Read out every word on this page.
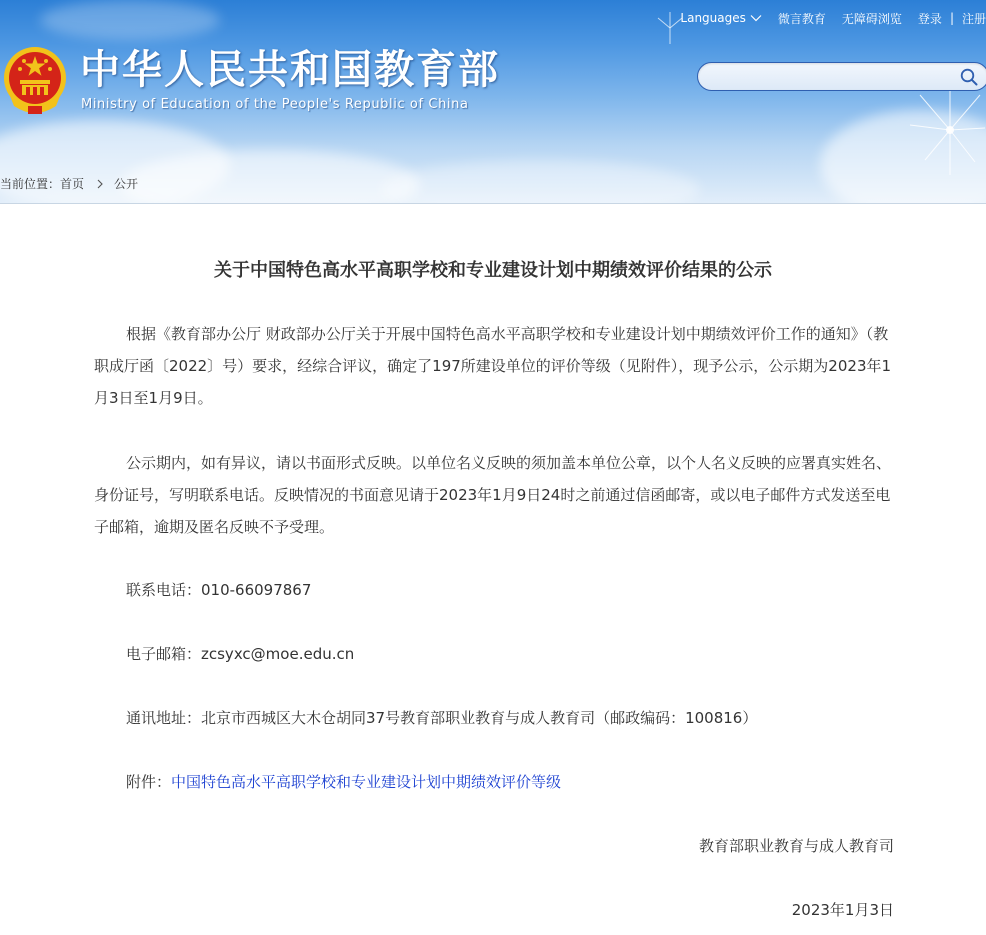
中华人民共和国教育部
Ministry of Education of the People's Republic of China
Languages	微言教育 无障碍浏览 登录 | 注册
当前位置： 首页	公开
关于中国特色高水平高职学校和专业建设计划中期绩效评价结果的公示

根据《教育部办公厅 财政部办公厅关于开展中国特色高水平高职学校和专业建设计划中期绩效评价工作的通知》（教职成厅函〔2022〕号）要求，经综合评议，确定了197所建设单位的评价等级（见附件），现予公示，公示期为2023年1月3日至1月9日。

公示期内，如有异议，请以书面形式反映。以单位名义反映的须加盖本单位公章，以个人名义反映的应署真实姓名、身份证号，写明联系电话。反映情况的书面意见请于2023年1月9日24时之前通过信函邮寄，或以电子邮件方式发送至电子邮箱，逾期及匿名反映不予受理。

联系电话：010-66097867

电子邮箱：zcsyxc@moe.edu.cn

通讯地址：北京市西城区大木仓胡同37号教育部职业教育与成人教育司（邮政编码：100816）

附件：中国特色高水平高职学校和专业建设计划中期绩效评价等级

教育部职业教育与成人教育司

2023年1月3日
